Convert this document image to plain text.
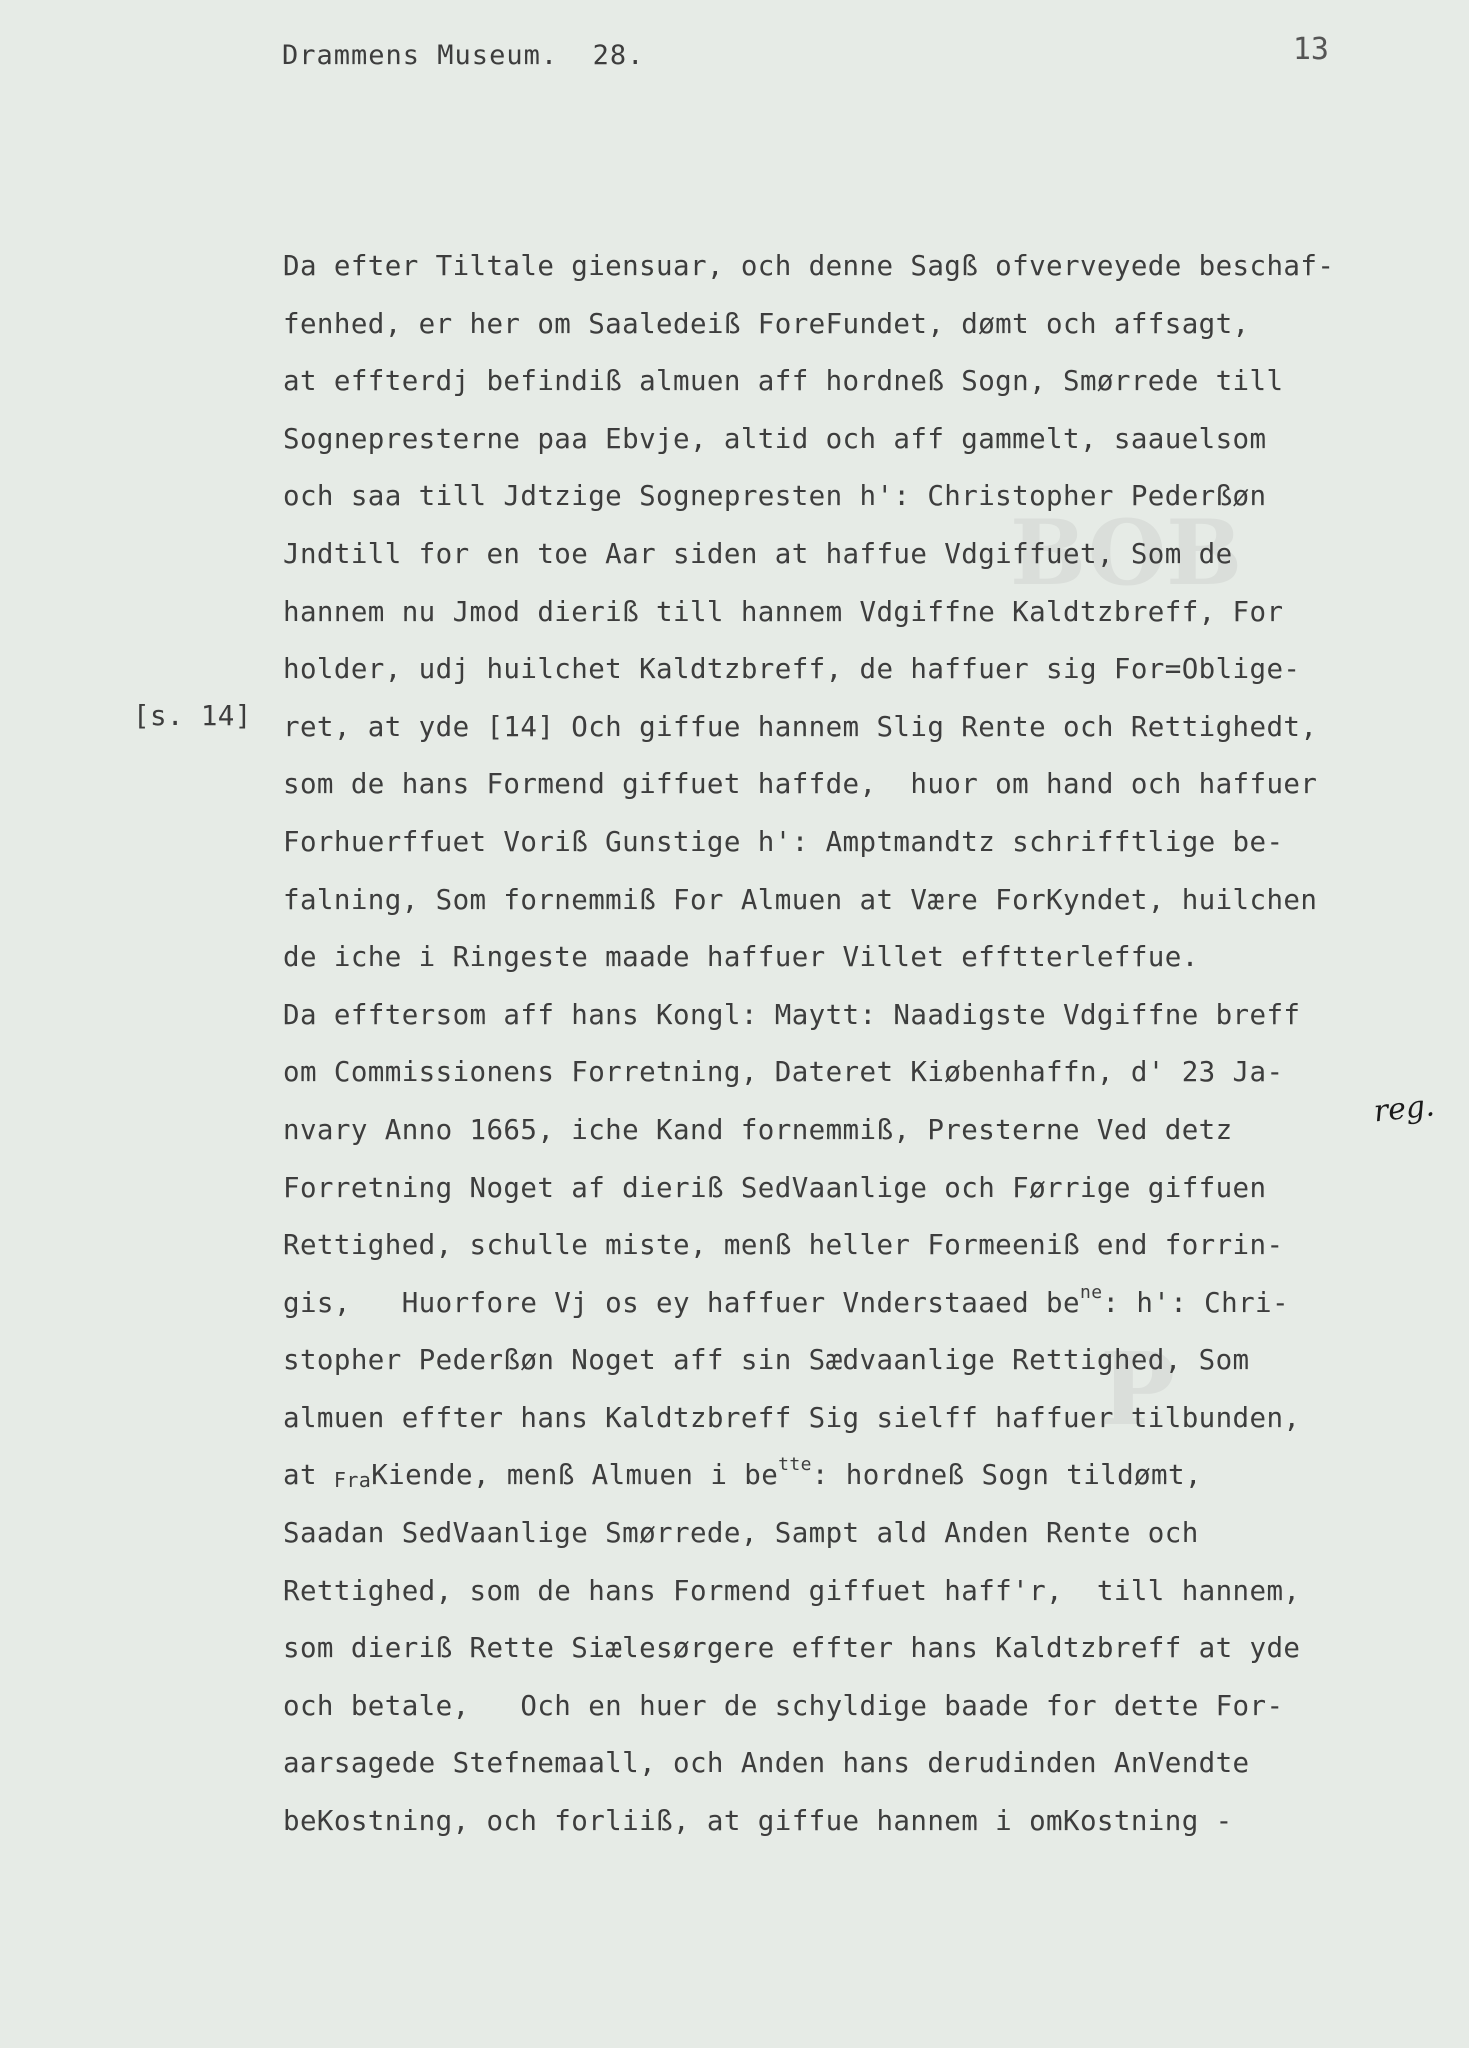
BOB
P
Drammens Museum.  28.	13
[s. 14]
reg.
Da efter Tiltale giensuar, och denne Sagß ofverveyede beschaf-
fenhed, er her om Saaledeiß ForeFundet, dømt och affsagt,
at effterdj befindiß almuen aff hordneß Sogn, Smørrede till
Sognepresterne paa Ebvje, altid och aff gammelt, saauelsom
och saa till Jdtzige Sognepresten h': Christopher Pederßøn
Jndtill for en toe Aar siden at haffue Vdgiffuet, Som de
hannem nu Jmod dieriß till hannem Vdgiffne Kaldtzbreff, For
holder, udj huilchet Kaldtzbreff, de haffuer sig For=Oblige-
ret, at yde [14] Och giffue hannem Slig Rente och Rettighedt,
som de hans Formend giffuet haffde,  huor om hand och haffuer
Forhuerffuet Voriß Gunstige h': Amptmandtz schrifftlige be-
falning, Som fornemmiß For Almuen at Være ForKyndet, huilchen
de iche i Ringeste maade haffuer Villet efftterleffue.
Da efftersom aff hans Kongl: Maytt: Naadigste Vdgiffne breff
om Commissionens Forretning, Dateret Kiøbenhaffn, d' 23 Ja-
nvary Anno 1665, iche Kand fornemmiß, Presterne Ved detz
Forretning Noget af dieriß SedVaanlige och Førrige giffuen
Rettighed, schulle miste, menß heller Formeeniß end forrin-
gis,   Huorfore Vj os ey haffuer Vnderstaaed $be^{ne}$: h': Chri-
stopher Pederßøn Noget aff sin Sædvaanlige Rettighed, Som
almuen effter hans Kaldtzbreff Sig sielff haffuer tilbunden,
at FraKiende, menß Almuen i $be^{tte}$: hordneß Sogn tildømt,
Saadan SedVaanlige Smørrede, Sampt ald Anden Rente och
Rettighed, som de hans Formend giffuet haff'r,  till hannem,
som dieriß Rette Siælesørgere effter hans Kaldtzbreff at yde
och betale,   Och en huer de schyldige baade for dette For-
aarsagede Stefnemaall, och Anden hans derudinden AnVendte
beKostning, och forliiß, at giffue hannem i omKostning -
